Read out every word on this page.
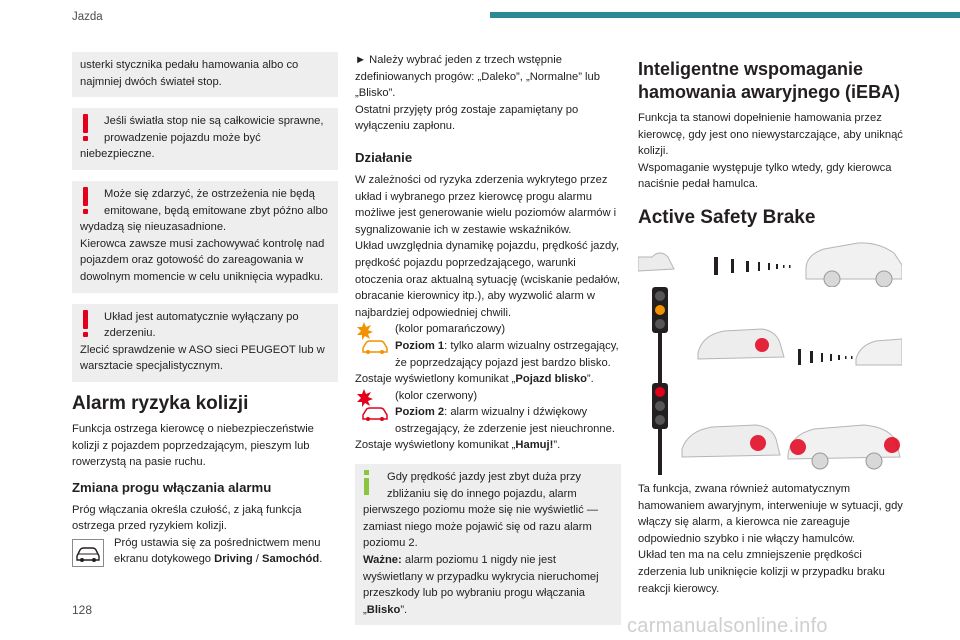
Jazda

usterki stycznika pedału hamowania albo co najmniej dwóch świateł stop.

Jeśli światła stop nie są całkowicie sprawne,
prowadzenie pojazdu może być
niebezpieczne.
Może się zdarzyć, że ostrzeżenia nie będą
emitowane, będą emitowane zbyt późno albo
wydadzą się nieuzasadnione.
Kierowca zawsze musi zachowywać kontrolę nad pojazdem oraz gotowość do zareagowania w dowolnym momencie w celu uniknięcia wypadku.
Układ jest automatycznie wyłączany po
zderzeniu.
Zlecić sprawdzenie w ASO sieci PEUGEOT lub w warsztacie specjalistycznym.
Alarm ryzyka kolizji

Funkcja ostrzega kierowcę o niebezpieczeństwie kolizji z pojazdem poprzedzającym, pieszym lub rowerzystą na pasie ruchu.

Zmiana progu włączania alarmu

Próg włączania określa czułość, z jaką funkcja ostrzega przed ryzykiem kolizji.

Próg ustawia się za pośrednictwem menu ekranu dotykowego Driving / Samochód.

► Należy wybrać jeden z trzech wstępnie zdefiniowanych progów: „Daleko”, „Normalne” lub „Blisko”.

Ostatni przyjęty próg zostaje zapamiętany po wyłączeniu zapłonu.

Działanie

W zależności od ryzyka zderzenia wykrytego przez układ i wybranego przez kierowcę progu alarmu możliwe jest generowanie wielu poziomów alarmów i sygnalizowanie ich w zestawie wskaźników.

Układ uwzględnia dynamikę pojazdu, prędkość jazdy, prędkość pojazdu poprzedzającego, warunki otoczenia oraz aktualną sytuację (wciskanie pedałów, obracanie kierownicy itp.), aby wyzwolić alarm w najbardziej odpowiedniej chwili.

(kolor pomarańczowy)
Poziom 1: tylko alarm wizualny ostrzegający, że poprzedzający pojazd jest bardzo blisko.
Zostaje wyświetlony komunikat „Pojazd blisko”.
(kolor czerwony)
Poziom 2: alarm wizualny i dźwiękowy ostrzegający, że zderzenie jest nieuchronne.
Zostaje wyświetlony komunikat „Hamuj!”.
Gdy prędkość jazdy jest zbyt duża przy
zbliżaniu się do innego pojazdu, alarm
pierwszego poziomu może się nie wyświetlić — zamiast niego może pojawić się od razu alarm poziomu 2.
Ważne: alarm poziomu 1 nigdy nie jest wyświetlany w przypadku wykrycia nieruchomej przeszkody lub po wybraniu progu włączania „Blisko”.
Inteligentne wspomaganie hamowania awaryjnego (iEBA)

Funkcja ta stanowi dopełnienie hamowania przez kierowcę, gdy jest ono niewystarczające, aby uniknąć kolizji.

Wspomaganie występuje tylko wtedy, gdy kierowca naciśnie pedał hamulca.

Active Safety Brake

Ta funkcja, zwana również automatycznym hamowaniem awaryjnym, interweniuje w sytuacji, gdy włączy się alarm, a kierowca nie zareaguje odpowiednio szybko i nie włączy hamulców.

Układ ten ma na celu zmniejszenie prędkości zderzenia lub uniknięcie kolizji w przypadku braku reakcji kierowcy.

128
carmanualsonline.info
